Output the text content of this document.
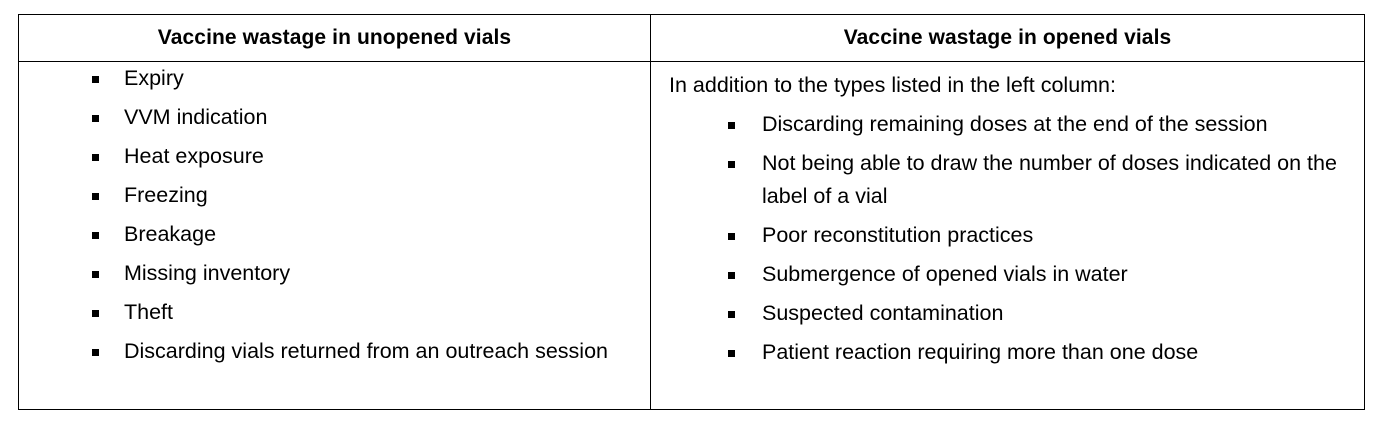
Vaccine wastage in unopened vials	Vaccine wastage in opened vials
Expiry
VVM indication
Heat exposure
Freezing
Breakage
Missing inventory
Theft
Discarding vials returned from an outreach session
In addition to the types listed in the left column:
Discarding remaining doses at the end of the session
Not being able to draw the number of doses indicated on the label of a vial
Poor reconstitution practices
Submergence of opened vials in water
Suspected contamination
Patient reaction requiring more than one dose
